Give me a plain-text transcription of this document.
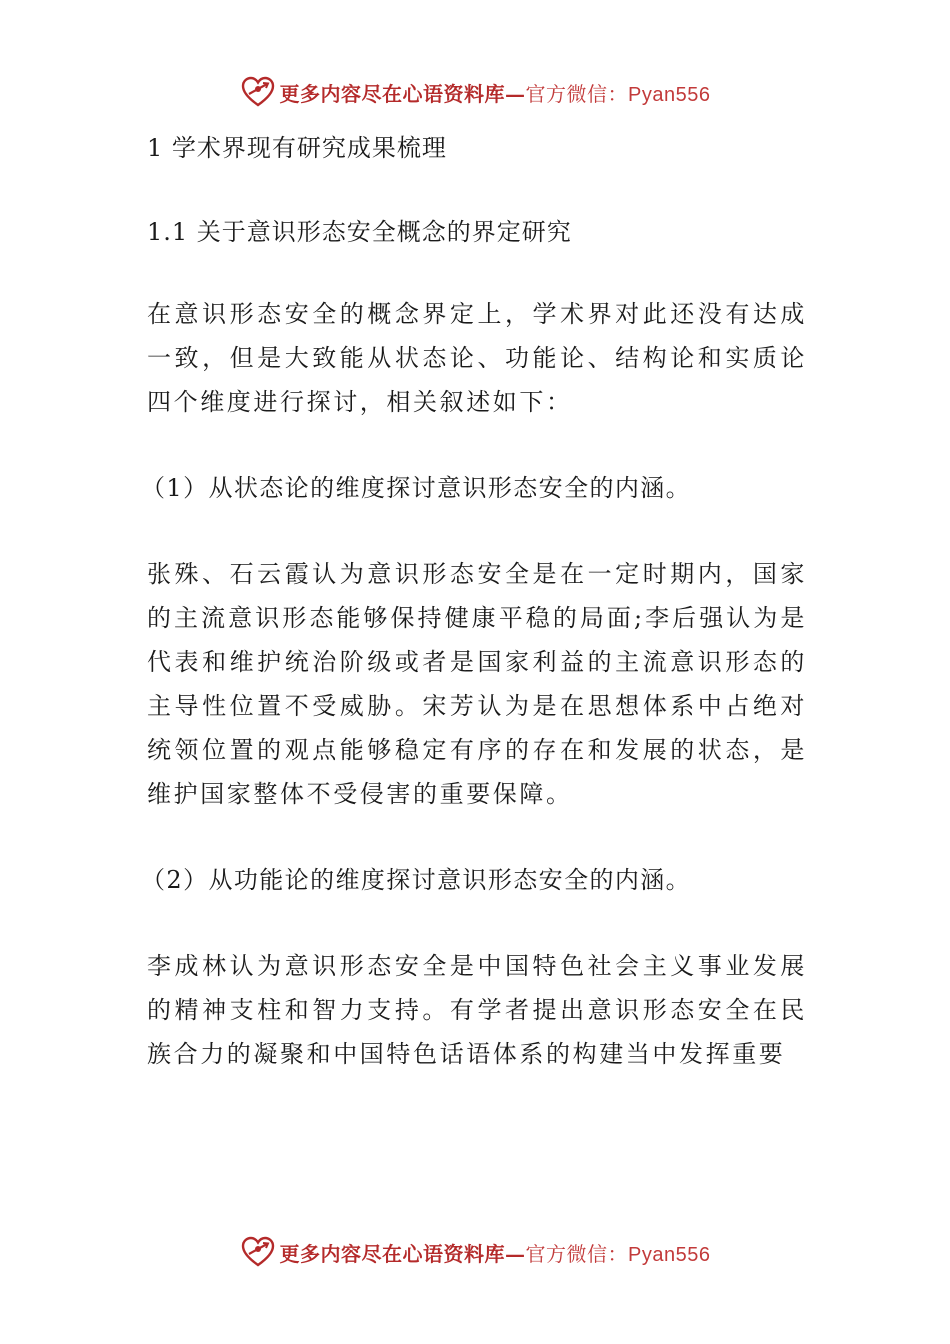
更多内容尽在心语资料库—官方微信：Pyan556

1 学术界现有研究成果梳理

1.1 关于意识形态安全概念的界定研究

在意识形态安全的概念界定上，学术界对此还没有达成一致，但是大致能从状态论、功能论、结构论和实质论四个维度进行探讨，相关叙述如下：

（1）从状态论的维度探讨意识形态安全的内涵。

张殊、石云霞认为意识形态安全是在一定时期内，国家的主流意识形态能够保持健康平稳的局面;李后强认为是代表和维护统治阶级或者是国家利益的主流意识形态的主导性位置不受威胁。宋芳认为是在思想体系中占绝对统领位置的观点能够稳定有序的存在和发展的状态，是维护国家整体不受侵害的重要保障。

（2）从功能论的维度探讨意识形态安全的内涵。

李成林认为意识形态安全是中国特色社会主义事业发展的精神支柱和智力支持。有学者提出意识形态安全在民族合力的凝聚和中国特色话语体系的构建当中发挥重要

更多内容尽在心语资料库—官方微信：Pyan556
